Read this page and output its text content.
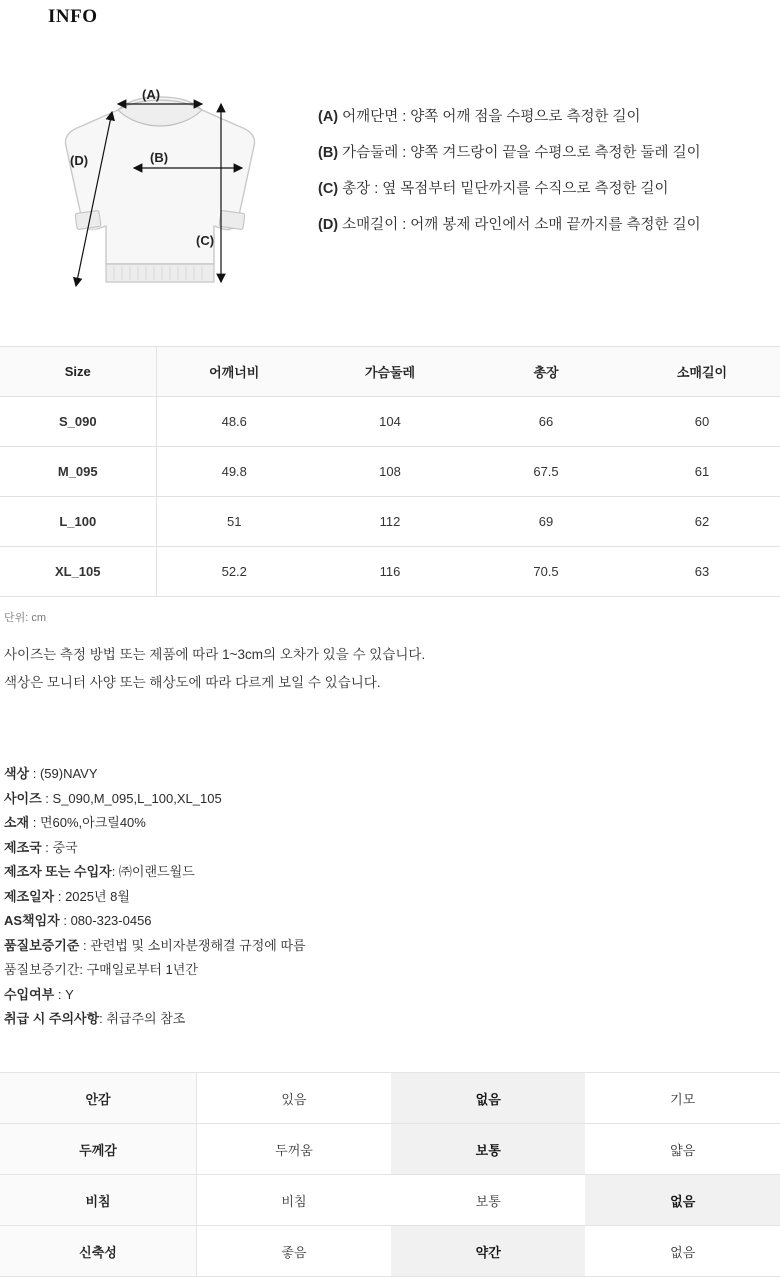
INFO
(A)
(B)
(C)
(D)
(A) 어깨단면 : 양쪽 어깨 점을 수평으로 측정한 길이
(B) 가슴둘레 : 양쪽 겨드랑이 끝을 수평으로 측정한 둘레 길이
(C) 총장 : 옆 목점부터 밑단까지를 수직으로 측정한 길이
(D) 소매길이 : 어깨 봉제 라인에서 소매 끝까지를 측정한 길이
Size	어깨너비	가슴둘레	총장	소매길이
S_090	48.6	104	66	60
M_095	49.8	108	67.5	61
L_100	51	112	69	62
XL_105	52.2	116	70.5	63
단위: cm

사이즈는 측정 방법 또는 제품에 따라 1~3cm의 오차가 있을 수 있습니다.

색상은 모니터 사양 또는 해상도에 따라 다르게 보일 수 있습니다.

색상 : (59)NAVY
사이즈 : S_090,M_095,L_100,XL_105
소재 : 면60%,아크릴40%
제조국 : 중국
제조자 또는 수입자: ㈜이랜드월드
제조일자 : 2025년 8월
AS책임자 : 080-323-0456
품질보증기준 : 관련법 및 소비자분쟁해결 규정에 따름
품질보증기간: 구매일로부터 1년간
수입여부 : Y
취급 시 주의사항: 취급주의 참조
안감	있음	없음	기모
두께감	두꺼움	보통	얇음
비침	비침	보통	없음
신축성	좋음	약간	없음
